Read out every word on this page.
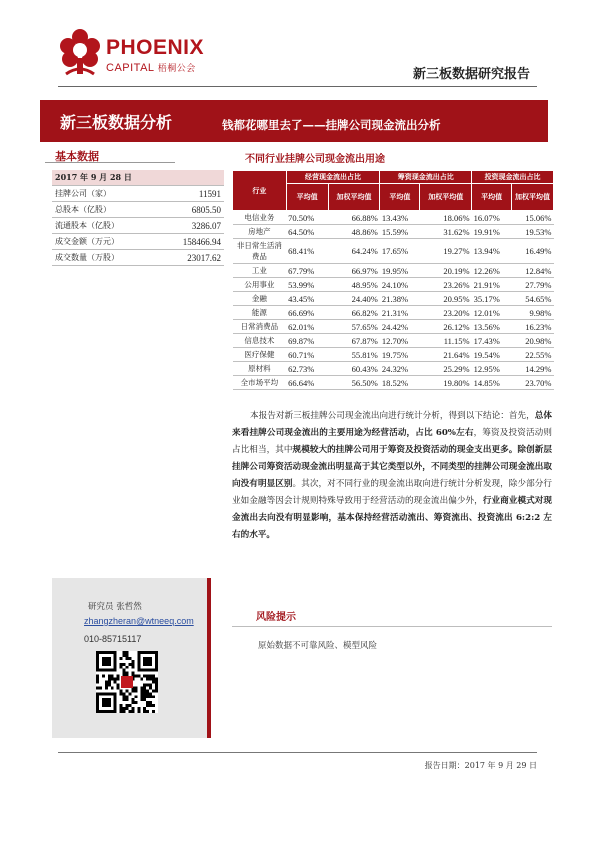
PHOENIX
CAPITAL 梧桐公会	新三板数据研究报告
新三板数据分析	钱都花哪里去了——挂牌公司现金流出分析
基本数据
2017 年 9 月 28 日	
挂牌公司（家）	11591
总股本（亿股）	6805.50
流通股本（亿股）	3286.07
成交金额（万元）	158466.94
成交数量（万股）	23017.62
不同行业挂牌公司现金流出用途
行业	经营现金流出占比		筹资现金流出占比		投资现金流出占比	
	平均值	加权平均值	平均值	加权平均值	平均值	加权平均值
电信业务	70.50%	66.88%	13.43%	18.06%	16.07%	15.06%
房地产	64.50%	48.86%	15.59%	31.62%	19.91%	19.53%
非日常生活消费品	68.41%	64.24%	17.65%	19.27%	13.94%	16.49%
工业	67.79%	66.97%	19.95%	20.19%	12.26%	12.84%
公用事业	53.99%	48.95%	24.10%	23.26%	21.91%	27.79%
金融	43.45%	24.40%	21.38%	20.95%	35.17%	54.65%
能源	66.69%	66.82%	21.31%	23.20%	12.01%	9.98%
日常消费品	62.01%	57.65%	24.42%	26.12%	13.56%	16.23%
信息技术	69.87%	67.87%	12.70%	11.15%	17.43%	20.98%
医疗保健	60.71%	55.81%	19.75%	21.64%	19.54%	22.55%
原材料	62.73%	60.43%	24.32%	25.29%	12.95%	14.29%
全市场平均	66.64%	56.50%	18.52%	19.80%	14.85%	23.70%
本报告对新三板挂牌公司现金流出向进行统计分析，得到以下结论：首先，总体来看挂牌公司现金流出的主要用途为经营活动，占比 60%左右，筹资及投资活动则占比相当，其中规模较大的挂牌公司用于筹资及投资活动的现金支出更多。除创新层挂牌公司筹资活动现金流出明显高于其它类型以外，不同类型的挂牌公司现金流出取向没有明显区别。其次，对不同行业的现金流出取向进行统计分析发现，除少部分行业如金融等因会计规则特殊导致用于经营活动的现金流出偏少外，行业商业模式对现金流出去向没有明显影响，基本保持经营活动流出、筹资流出、投资流出 6:2:2 左右的水平。
研究员 张哲然
zhangzheran@wtneeq.com
010-85715117
风险提示
原始数据不可靠风险、模型风险
报告日期：2017 年 9 月 29 日
